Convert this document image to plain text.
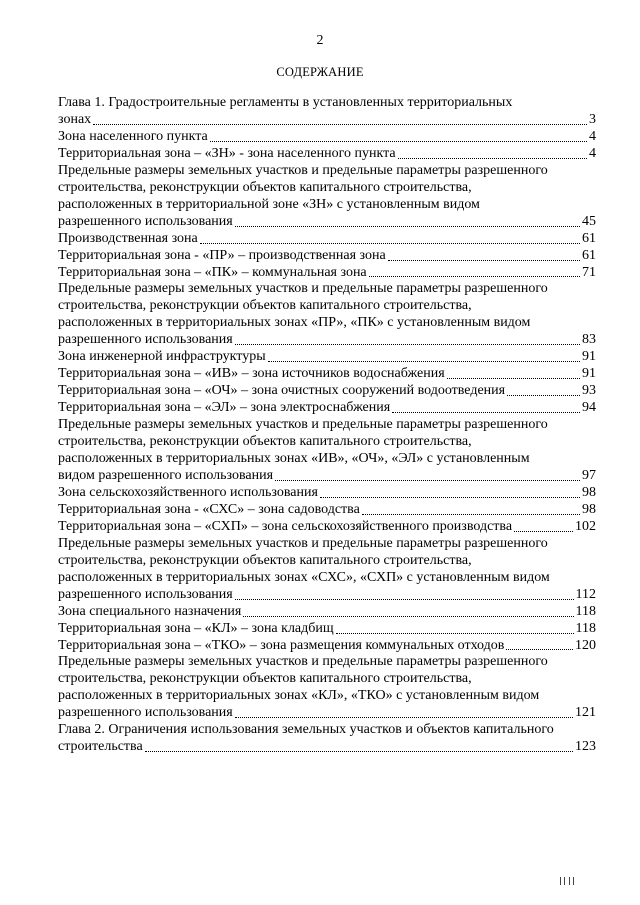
2
СОДЕРЖАНИЕ
Глава 1. Градостроительные регламенты в установленных территориальных
зонах	3
Зона населенного пункта	4
Территориальная зона – «ЗН» - зона населенного пункта	4
Предельные размеры земельных участков и предельные параметры разрешенного
строительства, реконструкции объектов капитального строительства,
расположенных в территориальной зоне «ЗН» с установленным видом
разрешенного использования	45
Производственная зона	61
Территориальная зона - «ПР» – производственная зона	61
Территориальная зона – «ПК» – коммунальная зона	71
Предельные размеры земельных участков и предельные параметры разрешенного
строительства, реконструкции объектов капитального строительства,
расположенных в территориальных зонах «ПР», «ПК» с установленным видом
разрешенного использования	83
Зона инженерной инфраструктуры	91
Территориальная зона – «ИВ» – зона источников водоснабжения	91
Территориальная зона – «ОЧ» – зона очистных сооружений водоотведения	93
Территориальная зона – «ЭЛ» – зона электроснабжения	94
Предельные размеры земельных участков и предельные параметры разрешенного
строительства, реконструкции объектов капитального строительства,
расположенных в территориальных зонах «ИВ», «ОЧ», «ЭЛ» с установленным
видом разрешенного использования	97
Зона сельскохозяйственного использования	98
Территориальная зона - «СХС» – зона садоводства	98
Территориальная зона – «СХП» – зона сельскохозяйственного производства	102
Предельные размеры земельных участков и предельные параметры разрешенного
строительства, реконструкции объектов капитального строительства,
расположенных в территориальных зонах «СХС», «СХП» с установленным видом
разрешенного использования	112
Зона специального назначения	118
Территориальная зона – «КЛ» – зона кладбищ	118
Территориальная зона – «ТКО» – зона размещения коммунальных отходов	120
Предельные размеры земельных участков и предельные параметры разрешенного
строительства, реконструкции объектов капитального строительства,
расположенных в территориальных зонах «КЛ», «ТКО» с установленным видом
разрешенного использования	121
Глава 2. Ограничения использования земельных участков и объектов капитального
строительства	123
